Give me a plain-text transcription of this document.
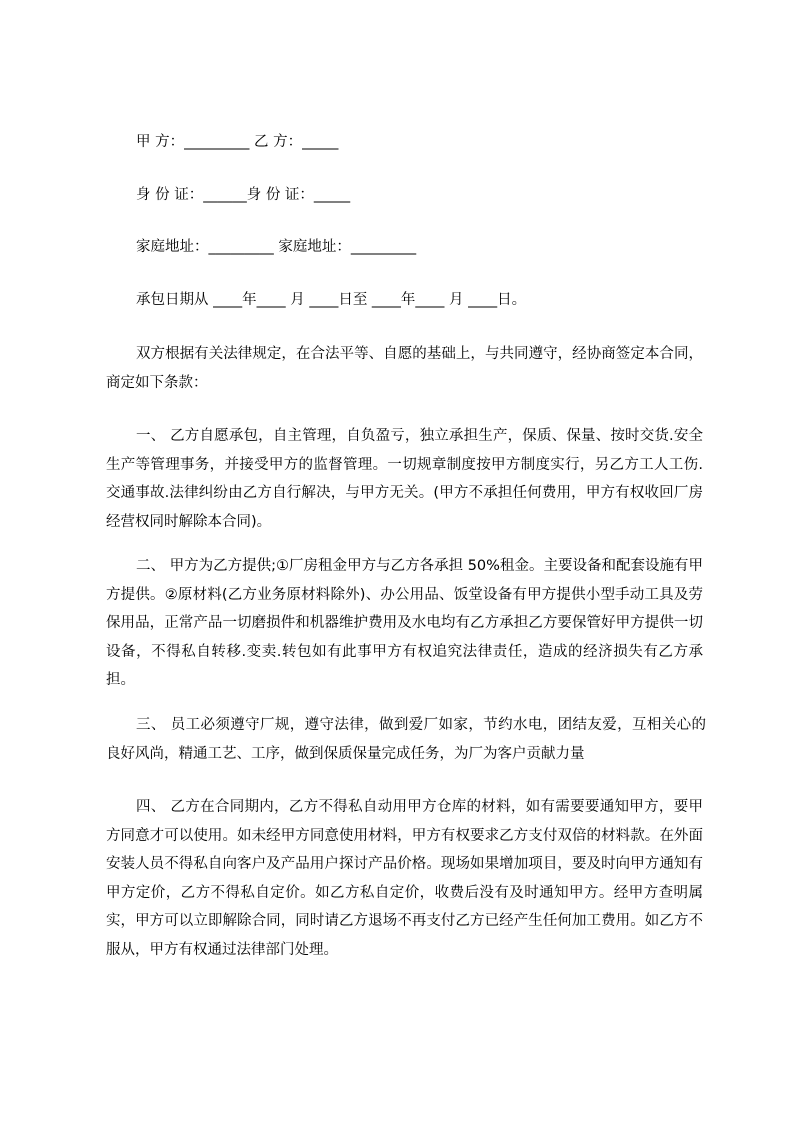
甲 方：_________ 乙 方：_____
身 份 证：______身 份 证：_____
家庭地址：_________ 家庭地址：_________
承包日期从 ____年____ 月 ____日至 ____年____ 月 ____日。
双方根据有关法律规定，在合法平等、自愿的基础上，与共同遵守，经协商签定本合同，商定如下条款：
一、 乙方自愿承包，自主管理，自负盈亏，独立承担生产，保质、保量、按时交货.安全生产等管理事务，并接受甲方的监督管理。一切规章制度按甲方制度实行，另乙方工人工伤.交通事故.法律纠纷由乙方自行解决，与甲方无关。(甲方不承担任何费用，甲方有权收回厂房经营权同时解除本合同)。
二、 甲方为乙方提供;①厂房租金甲方与乙方各承担 50%租金。主要设备和配套设施有甲方提供。②原材料(乙方业务原材料除外)、办公用品、饭堂设备有甲方提供小型手动工具及劳保用品，正常产品一切磨损件和机器维护费用及水电均有乙方承担乙方要保管好甲方提供一切设备，不得私自转移.变卖.转包如有此事甲方有权追究法律责任，造成的经济损失有乙方承担。
三、 员工必须遵守厂规，遵守法律，做到爱厂如家，节约水电，团结友爱，互相关心的良好风尚，精通工艺、工序，做到保质保量完成任务，为厂为客户贡献力量
四、 乙方在合同期内，乙方不得私自动用甲方仓库的材料，如有需要要通知甲方，要甲方同意才可以使用。如未经甲方同意使用材料，甲方有权要求乙方支付双倍的材料款。在外面安装人员不得私自向客户及产品用户探讨产品价格。现场如果增加项目，要及时向甲方通知有甲方定价，乙方不得私自定价。如乙方私自定价，收费后没有及时通知甲方。经甲方查明属实，甲方可以立即解除合同，同时请乙方退场不再支付乙方已经产生任何加工费用。如乙方不服从，甲方有权通过法律部门处理。
